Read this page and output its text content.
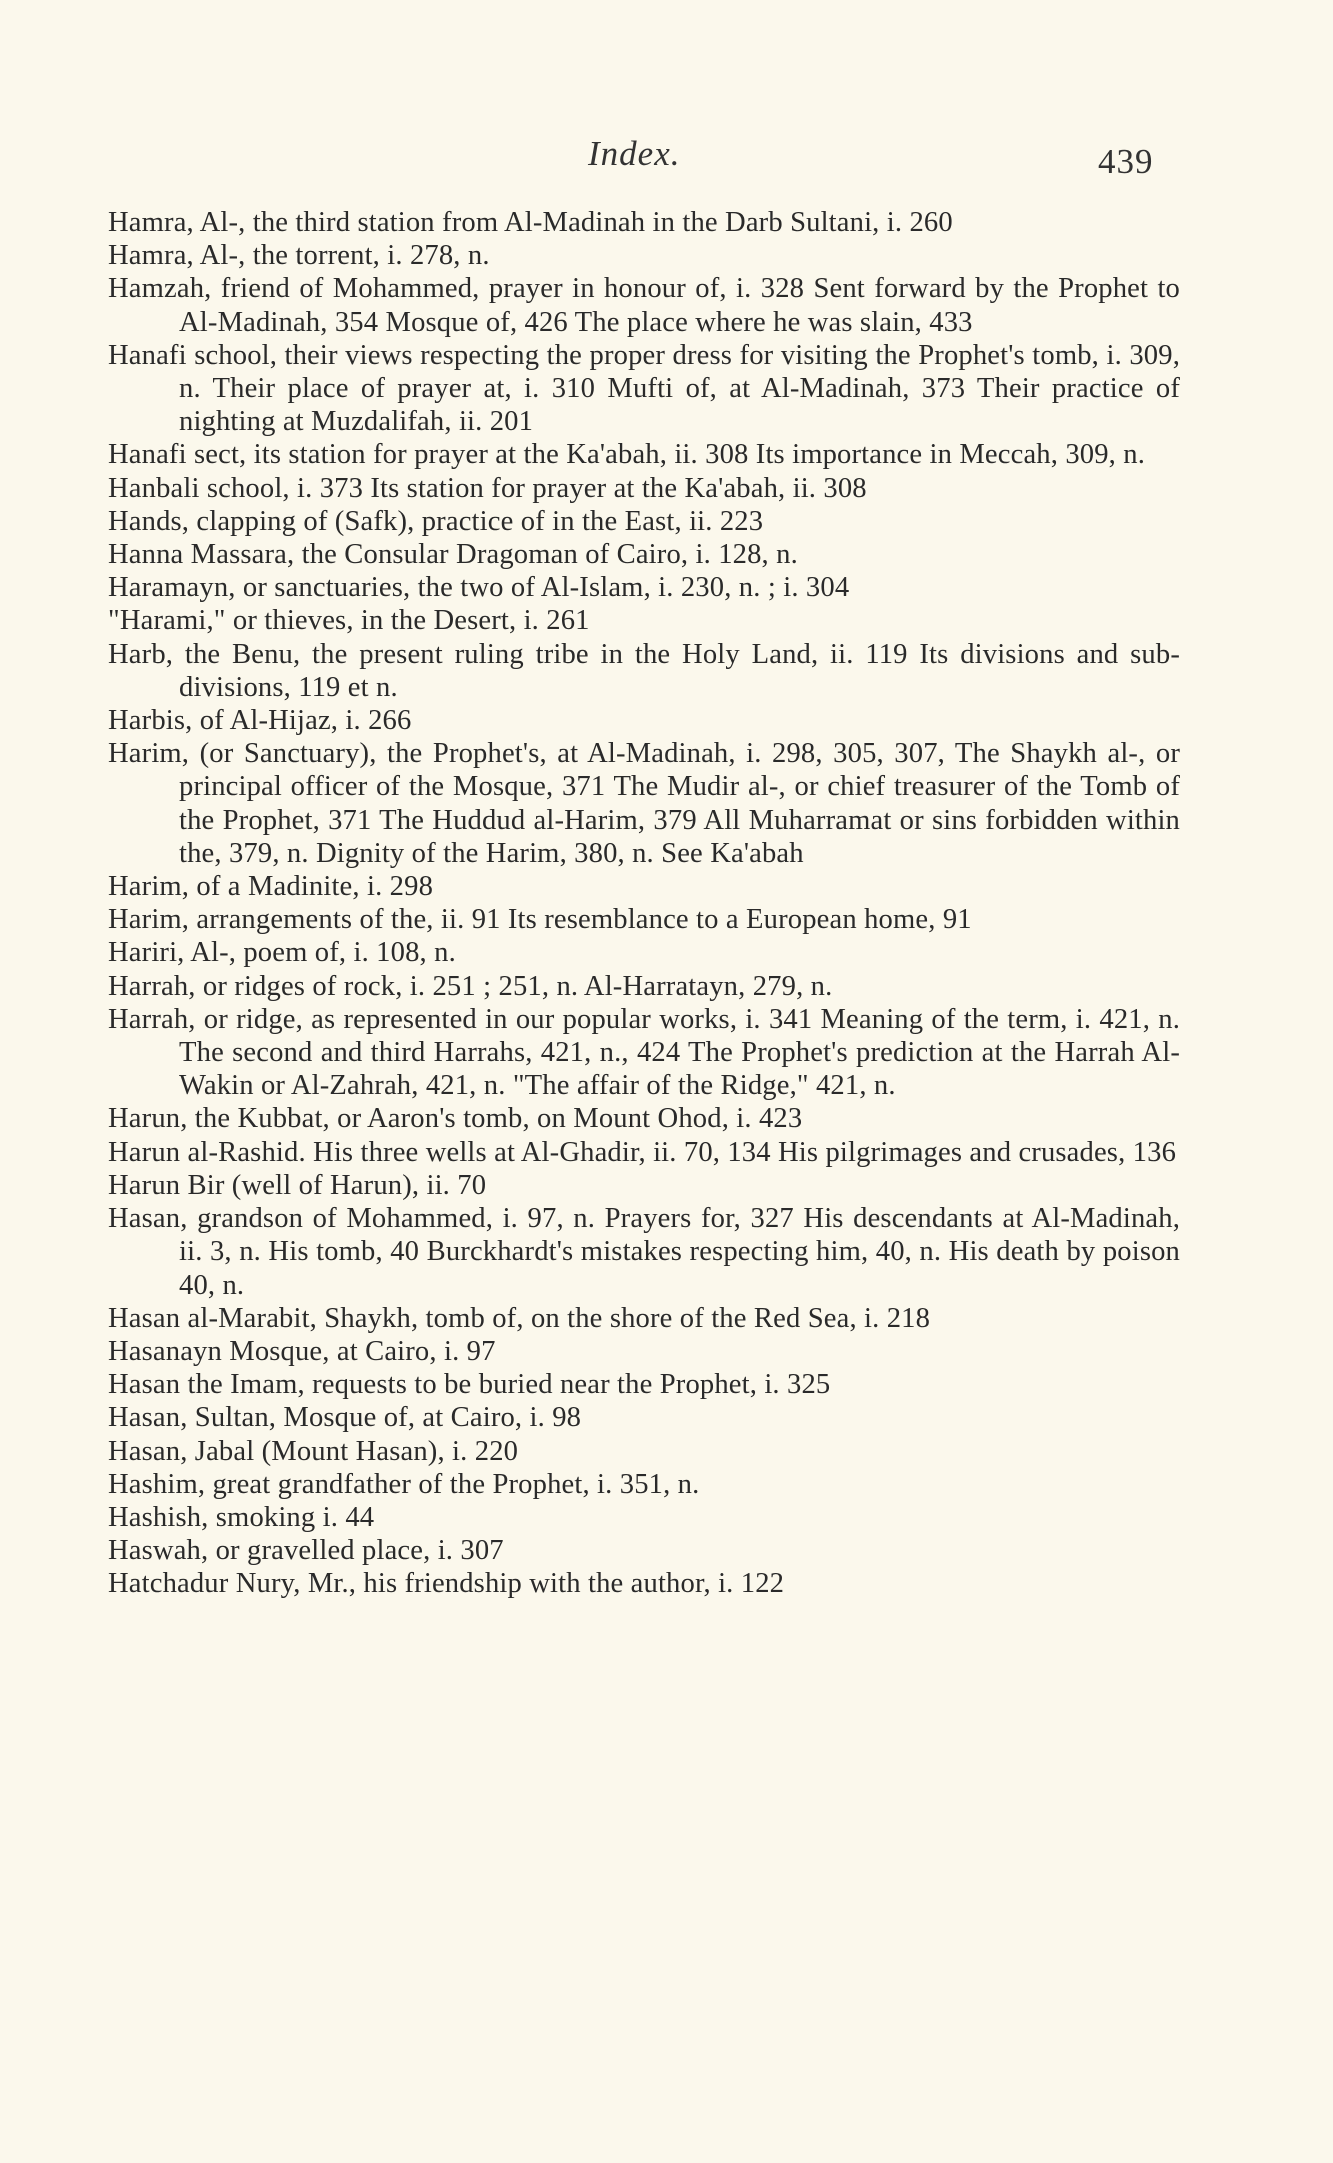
Index.	439
Hamra, Al-, the third station from Al-Madinah in the Darb Sultani, i. 260
Hamra, Al-, the torrent, i. 278, n.
Hamzah, friend of Mohammed, prayer in honour of, i. 328 Sent forward by the Prophet to Al-Madinah, 354 Mosque of, 426 The place where he was slain, 433
Hanafi school, their views respecting the proper dress for visiting the Prophet's tomb, i. 309, n. Their place of prayer at, i. 310 Mufti of, at Al-Madinah, 373 Their practice of nighting at Muzdalifah, ii. 201
Hanafi sect, its station for prayer at the Ka'abah, ii. 308 Its importance in Meccah, 309, n.
Hanbali school, i. 373 Its station for prayer at the Ka'abah, ii. 308
Hands, clapping of (Safk), practice of in the East, ii. 223
Hanna Massara, the Consular Dragoman of Cairo, i. 128, n.
Haramayn, or sanctuaries, the two of Al-Islam, i. 230, n. ; i. 304
"Harami," or thieves, in the Desert, i. 261
Harb, the Benu, the present ruling tribe in the Holy Land, ii. 119 Its divisions and sub-divisions, 119 et n.
Harbis, of Al-Hijaz, i. 266
Harim, (or Sanctuary), the Prophet's, at Al-Madinah, i. 298, 305, 307, The Shaykh al-, or principal officer of the Mosque, 371 The Mudir al-, or chief treasurer of the Tomb of the Prophet, 371 The Huddud al-Harim, 379 All Muharramat or sins forbidden within the, 379, n. Dignity of the Harim, 380, n. See Ka'abah
Harim, of a Madinite, i. 298
Harim, arrangements of the, ii. 91 Its resemblance to a European home, 91
Hariri, Al-, poem of, i. 108, n.
Harrah, or ridges of rock, i. 251 ; 251, n. Al-Harratayn, 279, n.
Harrah, or ridge, as represented in our popular works, i. 341 Meaning of the term, i. 421, n. The second and third Harrahs, 421, n., 424 The Prophet's prediction at the Harrah Al-Wakin or Al-Zahrah, 421, n. "The affair of the Ridge," 421, n.
Harun, the Kubbat, or Aaron's tomb, on Mount Ohod, i. 423
Harun al-Rashid. His three wells at Al-Ghadir, ii. 70, 134 His pilgrimages and crusades, 136
Harun Bir (well of Harun), ii. 70
Hasan, grandson of Mohammed, i. 97, n. Prayers for, 327 His descendants at Al-Madinah, ii. 3, n. His tomb, 40 Burckhardt's mistakes respecting him, 40, n. His death by poison 40, n.
Hasan al-Marabit, Shaykh, tomb of, on the shore of the Red Sea, i. 218
Hasanayn Mosque, at Cairo, i. 97
Hasan the Imam, requests to be buried near the Prophet, i. 325
Hasan, Sultan, Mosque of, at Cairo, i. 98
Hasan, Jabal (Mount Hasan), i. 220
Hashim, great grandfather of the Prophet, i. 351, n.
Hashish, smoking i. 44
Haswah, or gravelled place, i. 307
Hatchadur Nury, Mr., his friendship with the author, i. 122
